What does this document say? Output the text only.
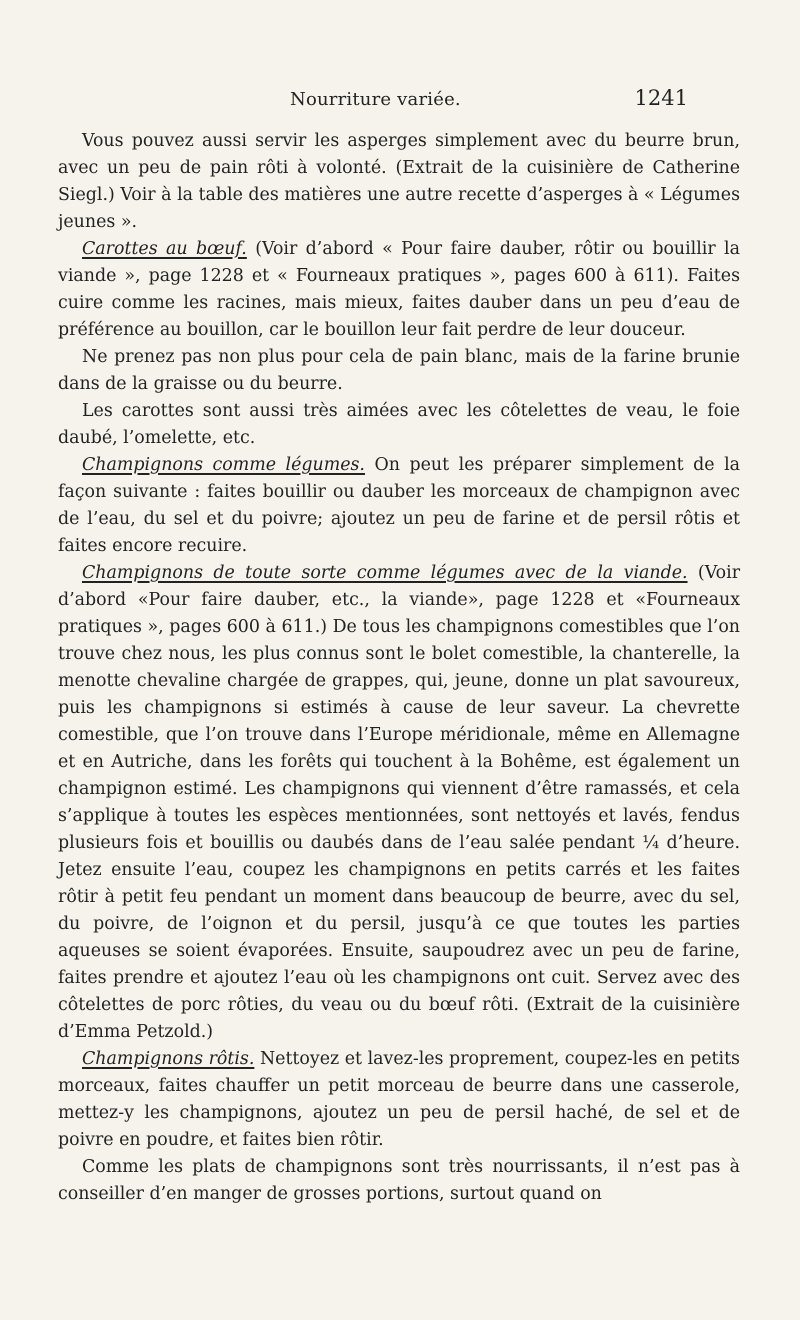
Nourriture variée.	1241

Vous pouvez aussi servir les asperges simplement avec du beurre brun, avec un peu de pain rôti à volonté. (Extrait de la cuisinière de Catherine Siegl.) Voir à la table des matières une autre recette d’asperges à « Légumes jeunes ».

Carottes au bœuf. (Voir d’abord « Pour faire dauber, rôtir ou bouillir la viande », page 1228 et « Fourneaux pratiques », pages 600 à 611). Faites cuire comme les racines, mais mieux, faites dauber dans un peu d’eau de préférence au bouillon, car le bouillon leur fait perdre de leur douceur.

Ne prenez pas non plus pour cela de pain blanc, mais de la farine brunie dans de la graisse ou du beurre.

Les carottes sont aussi très aimées avec les côtelettes de veau, le foie daubé, l’omelette, etc.

Champignons comme légumes. On peut les préparer simplement de la façon suivante : faites bouillir ou dauber les morceaux de champignon avec de l’eau, du sel et du poivre; ajoutez un peu de farine et de persil rôtis et faites encore recuire.

Champignons de toute sorte comme légumes avec de la viande. (Voir d’abord «Pour faire dauber, etc., la viande», page 1228 et «Fourneaux pratiques », pages 600 à 611.) De tous les champignons comestibles que l’on trouve chez nous, les plus connus sont le bolet comestible, la chanterelle, la menotte chevaline chargée de grappes, qui, jeune, donne un plat savoureux, puis les champignons si estimés à cause de leur saveur. La chevrette comestible, que l’on trouve dans l’Europe méridionale, même en Allemagne et en Autriche, dans les forêts qui touchent à la Bohême, est également un champignon estimé. Les champignons qui viennent d’être ramassés, et cela s’applique à toutes les espèces mentionnées, sont nettoyés et lavés, fendus plusieurs fois et bouillis ou daubés dans de l’eau salée pendant ¼ d’heure. Jetez ensuite l’eau, coupez les champignons en petits carrés et les faites rôtir à petit feu pendant un moment dans beaucoup de beurre, avec du sel, du poivre, de l’oignon et du persil, jusqu’à ce que toutes les parties aqueuses se soient évaporées. Ensuite, saupoudrez avec un peu de farine, faites prendre et ajoutez l’eau où les champignons ont cuit. Servez avec des côtelettes de porc rôties, du veau ou du bœuf rôti. (Extrait de la cuisinière d’Emma Petzold.)

Champignons rôtis. Nettoyez et lavez-les proprement, coupez-les en petits morceaux, faites chauffer un petit morceau de beurre dans une casserole, mettez-y les champignons, ajoutez un peu de persil haché, de sel et de poivre en poudre, et faites bien rôtir.

Comme les plats de champignons sont très nourrissants, il n’est pas à conseiller d’en manger de grosses portions, surtout quand on
